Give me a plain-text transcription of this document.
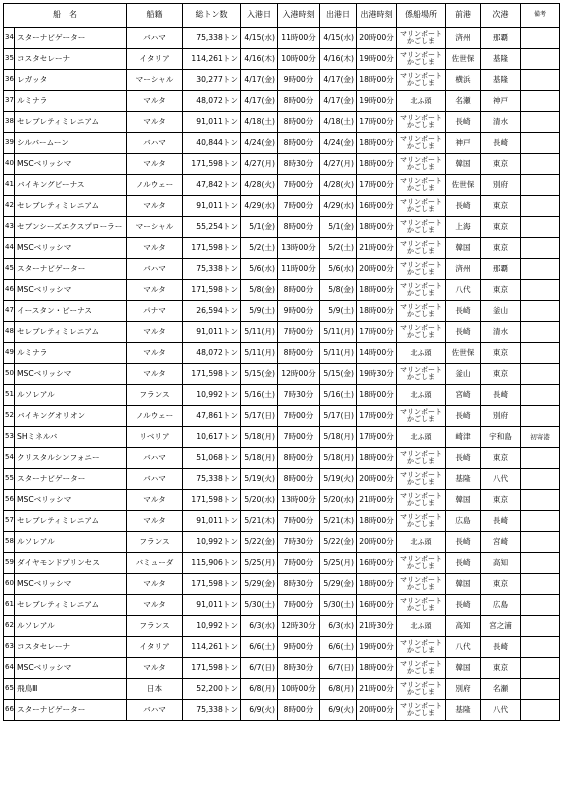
船　名		船籍	総トン数	入港日	入港時刻	出港日	出港時刻	係船場所	前港	次港	備考
34	スターナビゲーター	バハマ	75,338トン	4/15(水)	11時00分	4/15(水)	20時00分	マリンポート
かごしま	済州	那覇	
35	コスタセレーナ	イタリア	114,261トン	4/16(木)	10時00分	4/16(木)	19時00分	マリンポート
かごしま	佐世保	基隆	
36	レガッタ	マーシャル	30,277トン	4/17(金)	9時00分	4/17(金)	18時00分	マリンポート
かごしま	横浜	基隆	
37	ルミナラ	マルタ	48,072トン	4/17(金)	8時00分	4/17(金)	19時00分	北ふ頭	名瀬	神戸	
38	セレブレティミレニアム	マルタ	91,011トン	4/18(土)	8時00分	4/18(土)	17時00分	マリンポート
かごしま	長崎	清水	
39	シルバームーン	バハマ	40,844トン	4/24(金)	8時00分	4/24(金)	18時00分	マリンポート
かごしま	神戸	長崎	
40	MSCベリッシマ	マルタ	171,598トン	4/27(月)	8時30分	4/27(月)	18時00分	マリンポート
かごしま	韓国	東京	
41	バイキングビーナス	ノルウェー	47,842トン	4/28(火)	7時00分	4/28(火)	17時00分	マリンポート
かごしま	佐世保	別府	
42	セレブレティミレニアム	マルタ	91,011トン	4/29(水)	7時00分	4/29(水)	16時00分	マリンポート
かごしま	長崎	東京	
43	セブンシーズエクスプローラー	マーシャル	55,254トン	5/1(金)	8時00分	5/1(金)	18時00分	マリンポート
かごしま	上海	東京	
44	MSCベリッシマ	マルタ	171,598トン	5/2(土)	13時00分	5/2(土)	21時00分	マリンポート
かごしま	韓国	東京	
45	スターナビゲーター	バハマ	75,338トン	5/6(水)	11時00分	5/6(水)	20時00分	マリンポート
かごしま	済州	那覇	
46	MSCベリッシマ	マルタ	171,598トン	5/8(金)	8時00分	5/8(金)	18時00分	マリンポート
かごしま	八代	東京	
47	イースタン・ビーナス	パナマ	26,594トン	5/9(土)	9時00分	5/9(土)	18時00分	マリンポート
かごしま	長崎	釜山	
48	セレブレティミレニアム	マルタ	91,011トン	5/11(月)	7時00分	5/11(月)	17時00分	マリンポート
かごしま	長崎	清水	
49	ルミナラ	マルタ	48,072トン	5/11(月)	8時00分	5/11(月)	14時00分	北ふ頭	佐世保	東京	
50	MSCベリッシマ	マルタ	171,598トン	5/15(金)	12時00分	5/15(金)	19時30分	マリンポート
かごしま	釜山	東京	
51	ルソレアル	フランス	10,992トン	5/16(土)	7時30分	5/16(土)	18時00分	北ふ頭	宮崎	長崎	
52	バイキングオリオン	ノルウェー	47,861トン	5/17(日)	7時00分	5/17(日)	17時00分	マリンポート
かごしま	長崎	別府	
53	SHミネルバ	リベリア	10,617トン	5/18(月)	7時00分	5/18(月)	17時00分	北ふ頭	崎津	宇和島	初寄港
54	クリスタルシンフォニー	バハマ	51,068トン	5/18(月)	8時00分	5/18(月)	18時00分	マリンポート
かごしま	長崎	東京	
55	スターナビゲーター	バハマ	75,338トン	5/19(火)	8時00分	5/19(火)	20時00分	マリンポート
かごしま	基隆	八代	
56	MSCベリッシマ	マルタ	171,598トン	5/20(水)	13時00分	5/20(水)	21時00分	マリンポート
かごしま	韓国	東京	
57	セレブレティミレニアム	マルタ	91,011トン	5/21(木)	7時00分	5/21(木)	18時00分	マリンポート
かごしま	広島	長崎	
58	ルソレアル	フランス	10,992トン	5/22(金)	7時30分	5/22(金)	20時00分	北ふ頭	長崎	宮崎	
59	ダイヤモンドプリンセス	バミューダ	115,906トン	5/25(月)	7時00分	5/25(月)	16時00分	マリンポート
かごしま	長崎	高知	
60	MSCベリッシマ	マルタ	171,598トン	5/29(金)	8時30分	5/29(金)	18時00分	マリンポート
かごしま	韓国	東京	
61	セレブレティミレニアム	マルタ	91,011トン	5/30(土)	7時00分	5/30(土)	16時00分	マリンポート
かごしま	長崎	広島	
62	ルソレアル	フランス	10,992トン	6/3(水)	12時30分	6/3(水)	21時30分	北ふ頭	高知	宮之浦	
63	コスタセレーナ	イタリア	114,261トン	6/6(土)	9時00分	6/6(土)	19時00分	マリンポート
かごしま	八代	長崎	
64	MSCベリッシマ	マルタ	171,598トン	6/7(日)	8時30分	6/7(日)	18時00分	マリンポート
かごしま	韓国	東京	
65	飛鳥Ⅲ	日本	52,200トン	6/8(月)	10時00分	6/8(月)	21時00分	マリンポート
かごしま	別府	名瀬	
66	スターナビゲーター	バハマ	75,338トン	6/9(火)	8時00分	6/9(火)	20時00分	マリンポート
かごしま	基隆	八代	
